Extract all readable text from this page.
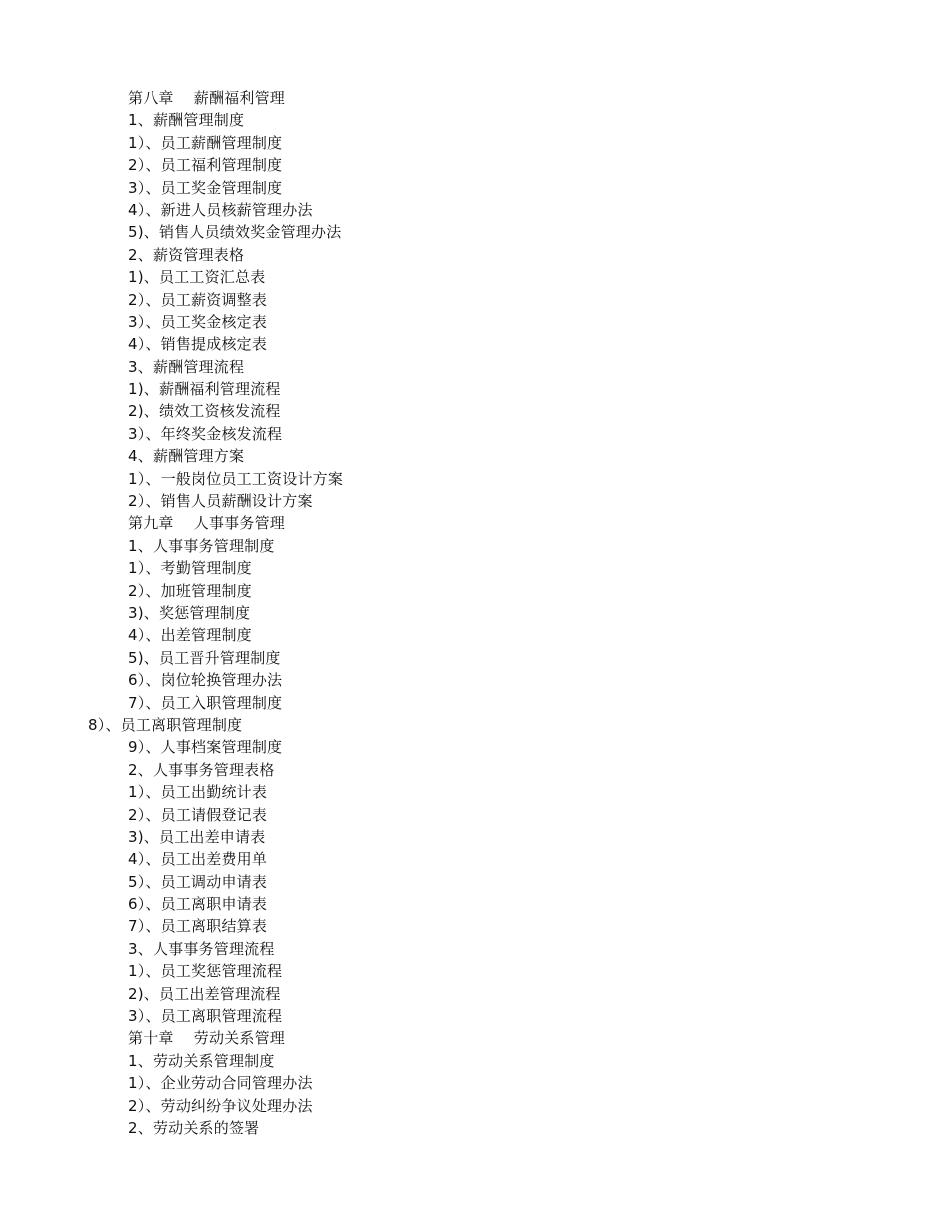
第八章　 薪酬福利管理
1、薪酬管理制度
1）、员工薪酬管理制度
2）、员工福利管理制度
3）、员工奖金管理制度
4）、新进人员核薪管理办法
5)、销售人员绩效奖金管理办法
2、薪资管理表格
1)、员工工资汇总表
2）、员工薪资调整表
3）、员工奖金核定表
4）、销售提成核定表
3、薪酬管理流程
1)、薪酬福利管理流程
2)、绩效工资核发流程
3）、年终奖金核发流程
4、薪酬管理方案
1）、一般岗位员工工资设计方案
2）、销售人员薪酬设计方案
第九章　 人事事务管理
1、人事事务管理制度
1）、考勤管理制度
2）、加班管理制度
3)、奖惩管理制度
4）、出差管理制度
5)、员工晋升管理制度
6）、岗位轮换管理办法
7）、员工入职管理制度
8）、员工离职管理制度
9）、人事档案管理制度
2、人事事务管理表格
1）、员工出勤统计表
2）、员工请假登记表
3)、员工出差申请表
4）、员工出差费用单
5）、员工调动申请表
6）、员工离职申请表
7）、员工离职结算表
3、人事事务管理流程
1）、员工奖惩管理流程
2)、员工出差管理流程
3）、员工离职管理流程
第十章　 劳动关系管理
1、劳动关系管理制度
1）、企业劳动合同管理办法
2）、劳动纠纷争议处理办法
2、劳动关系的签署
